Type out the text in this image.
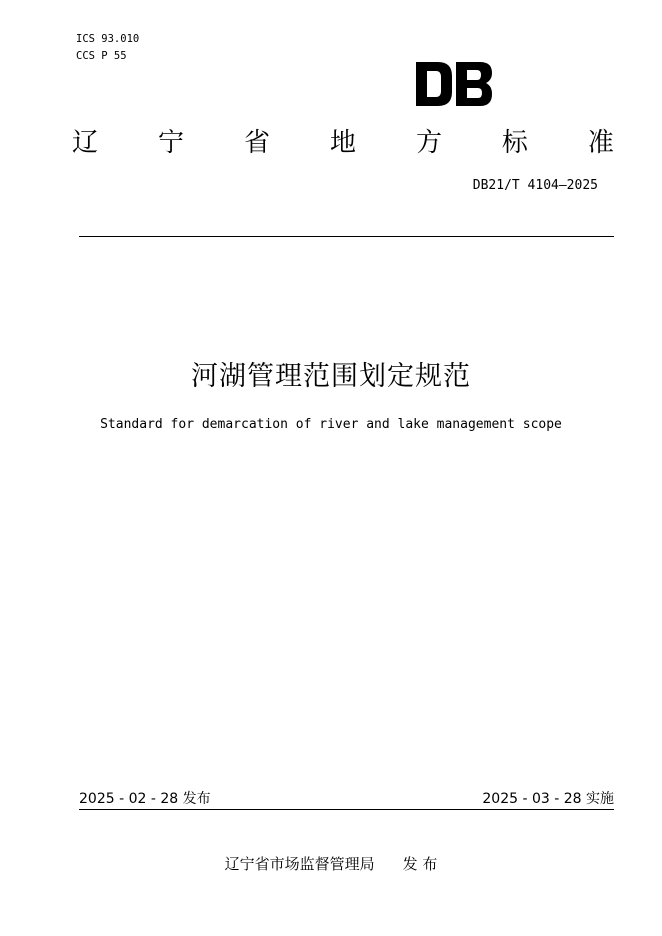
ICS 93.010
CCS P 55
辽 宁 省 地 方 标 准
DB21/T 4104—2025
河湖管理范围划定规范
Standard for demarcation of river and lake management scope
2025 - 02 - 28 发布	2025 - 03 - 28 实施
辽宁省市场监督管理局 发 布
